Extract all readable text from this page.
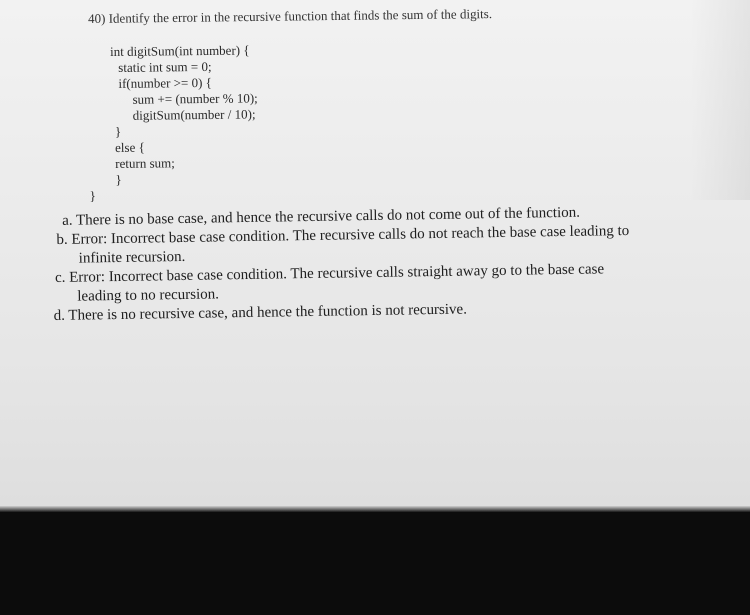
40) Identify the error in the recursive function that finds the sum of the digits.
int digitSum(int number) {
static int sum = 0;
if(number >= 0) {
sum += (number % 10);
digitSum(number / 10);
}
else {
return sum;
}
}
a. There is no base case, and hence the recursive calls do not come out of the function.
b. Error: Incorrect base case condition. The recursive calls do not reach the base case leading to
infinite recursion.
c. Error: Incorrect base case condition. The recursive calls straight away go to the base case
leading to no recursion.
d. There is no recursive case, and hence the function is not recursive.
